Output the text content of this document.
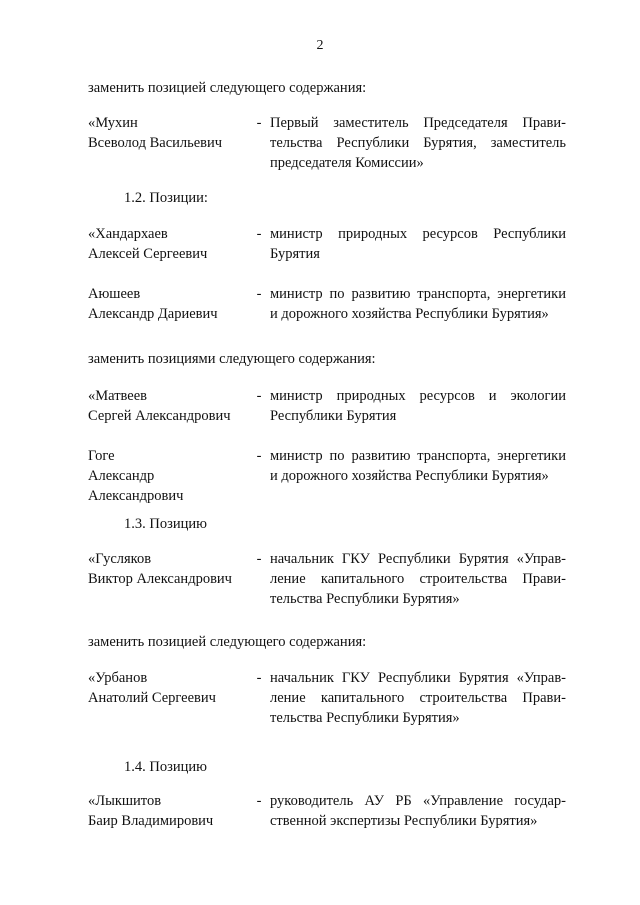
2
заменить позицией следующего содержания:
«Мухин
Всеволод Васильевич
- Первый заместитель Председателя Прави-
тельства Республики Бурятия, заместитель
председателя Комиссии»
1.2. Позиции:
«Хандархаев
Алексей Сергеевич
- министр природных ресурсов Республики
Бурятия
Аюшеев
Александр Дариевич
- министр по развитию транспорта, энергетики
и дорожного хозяйства Республики Бурятия»
заменить позициями следующего содержания:
«Матвеев
Сергей Александрович
- министр природных ресурсов и экологии
Республики Бурятия
Гоге
Александр
Александрович
- министр по развитию транспорта, энергетики
и дорожного хозяйства Республики Бурятия»
1.3. Позицию
«Гусляков
Виктор Александрович
- начальник ГКУ Республики Бурятия «Управ-
ление капитального строительства Прави-
тельства Республики Бурятия»
заменить позицией следующего содержания:
«Урбанов
Анатолий Сергеевич
- начальник ГКУ Республики Бурятия «Управ-
ление капитального строительства Прави-
тельства Республики Бурятия»
1.4. Позицию
«Лыкшитов
Баир Владимирович
- руководитель АУ РБ «Управление государ-
ственной экспертизы Республики Бурятия»
